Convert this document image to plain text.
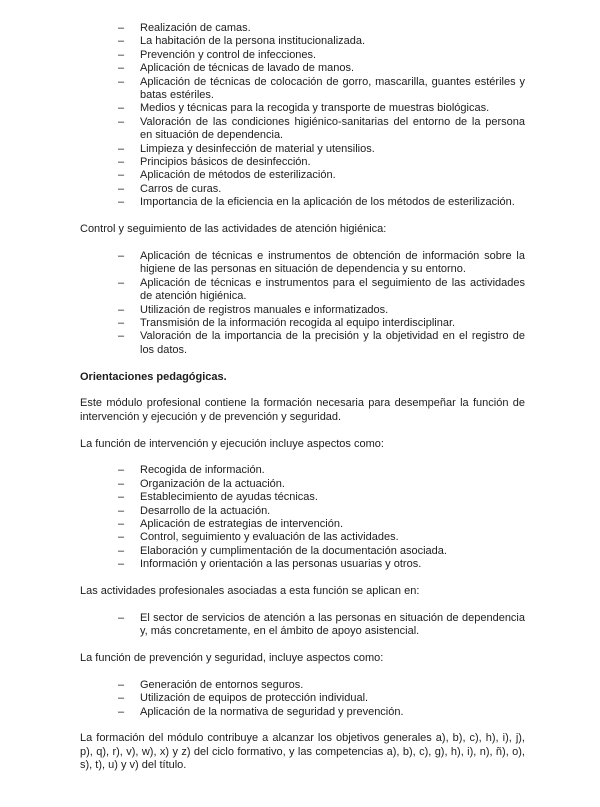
– Realización de camas.
– La habitación de la persona institucionalizada.
– Prevención y control de infecciones.
– Aplicación de técnicas de lavado de manos.
– Aplicación de técnicas de colocación de gorro, mascarilla, guantes estériles y batas estériles.
– Medios y técnicas para la recogida y transporte de muestras biológicas.
– Valoración de las condiciones higiénico-sanitarias del entorno de la persona en situación de dependencia.
– Limpieza y desinfección de material y utensilios.
– Principios básicos de desinfección.
– Aplicación de métodos de esterilización.
– Carros de curas.
– Importancia de la eficiencia en la aplicación de los métodos de esterilización.

Control y seguimiento de las actividades de atención higiénica:

– Aplicación de técnicas e instrumentos de obtención de información sobre la higiene de las personas en situación de dependencia y su entorno.
– Aplicación de técnicas e instrumentos para el seguimiento de las actividades de atención higiénica.
– Utilización de registros manuales e informatizados.
– Transmisión de la información recogida al equipo interdisciplinar.
– Valoración de la importancia de la precisión y la objetividad en el registro de los datos.

Orientaciones pedagógicas.

Este módulo profesional contiene la formación necesaria para desempeñar la función de intervención y ejecución y de prevención y seguridad.

La función de intervención y ejecución incluye aspectos como:

– Recogida de información.
– Organización de la actuación.
– Establecimiento de ayudas técnicas.
– Desarrollo de la actuación.
– Aplicación de estrategias de intervención.
– Control, seguimiento y evaluación de las actividades.
– Elaboración y cumplimentación de la documentación asociada.
– Información y orientación a las personas usuarias y otros.

Las actividades profesionales asociadas a esta función se aplican en:

– El sector de servicios de atención a las personas en situación de dependencia y, más concretamente, en el ámbito de apoyo asistencial.

La función de prevención y seguridad, incluye aspectos como:

– Generación de entornos seguros.
– Utilización de equipos de protección individual.
– Aplicación de la normativa de seguridad y prevención.

La formación del módulo contribuye a alcanzar los objetivos generales a), b), c), h), i), j), p), q), r), v), w), x) y z) del ciclo formativo, y las competencias a), b), c), g), h), i), n), ñ), o), s), t), u) y v) del título.
